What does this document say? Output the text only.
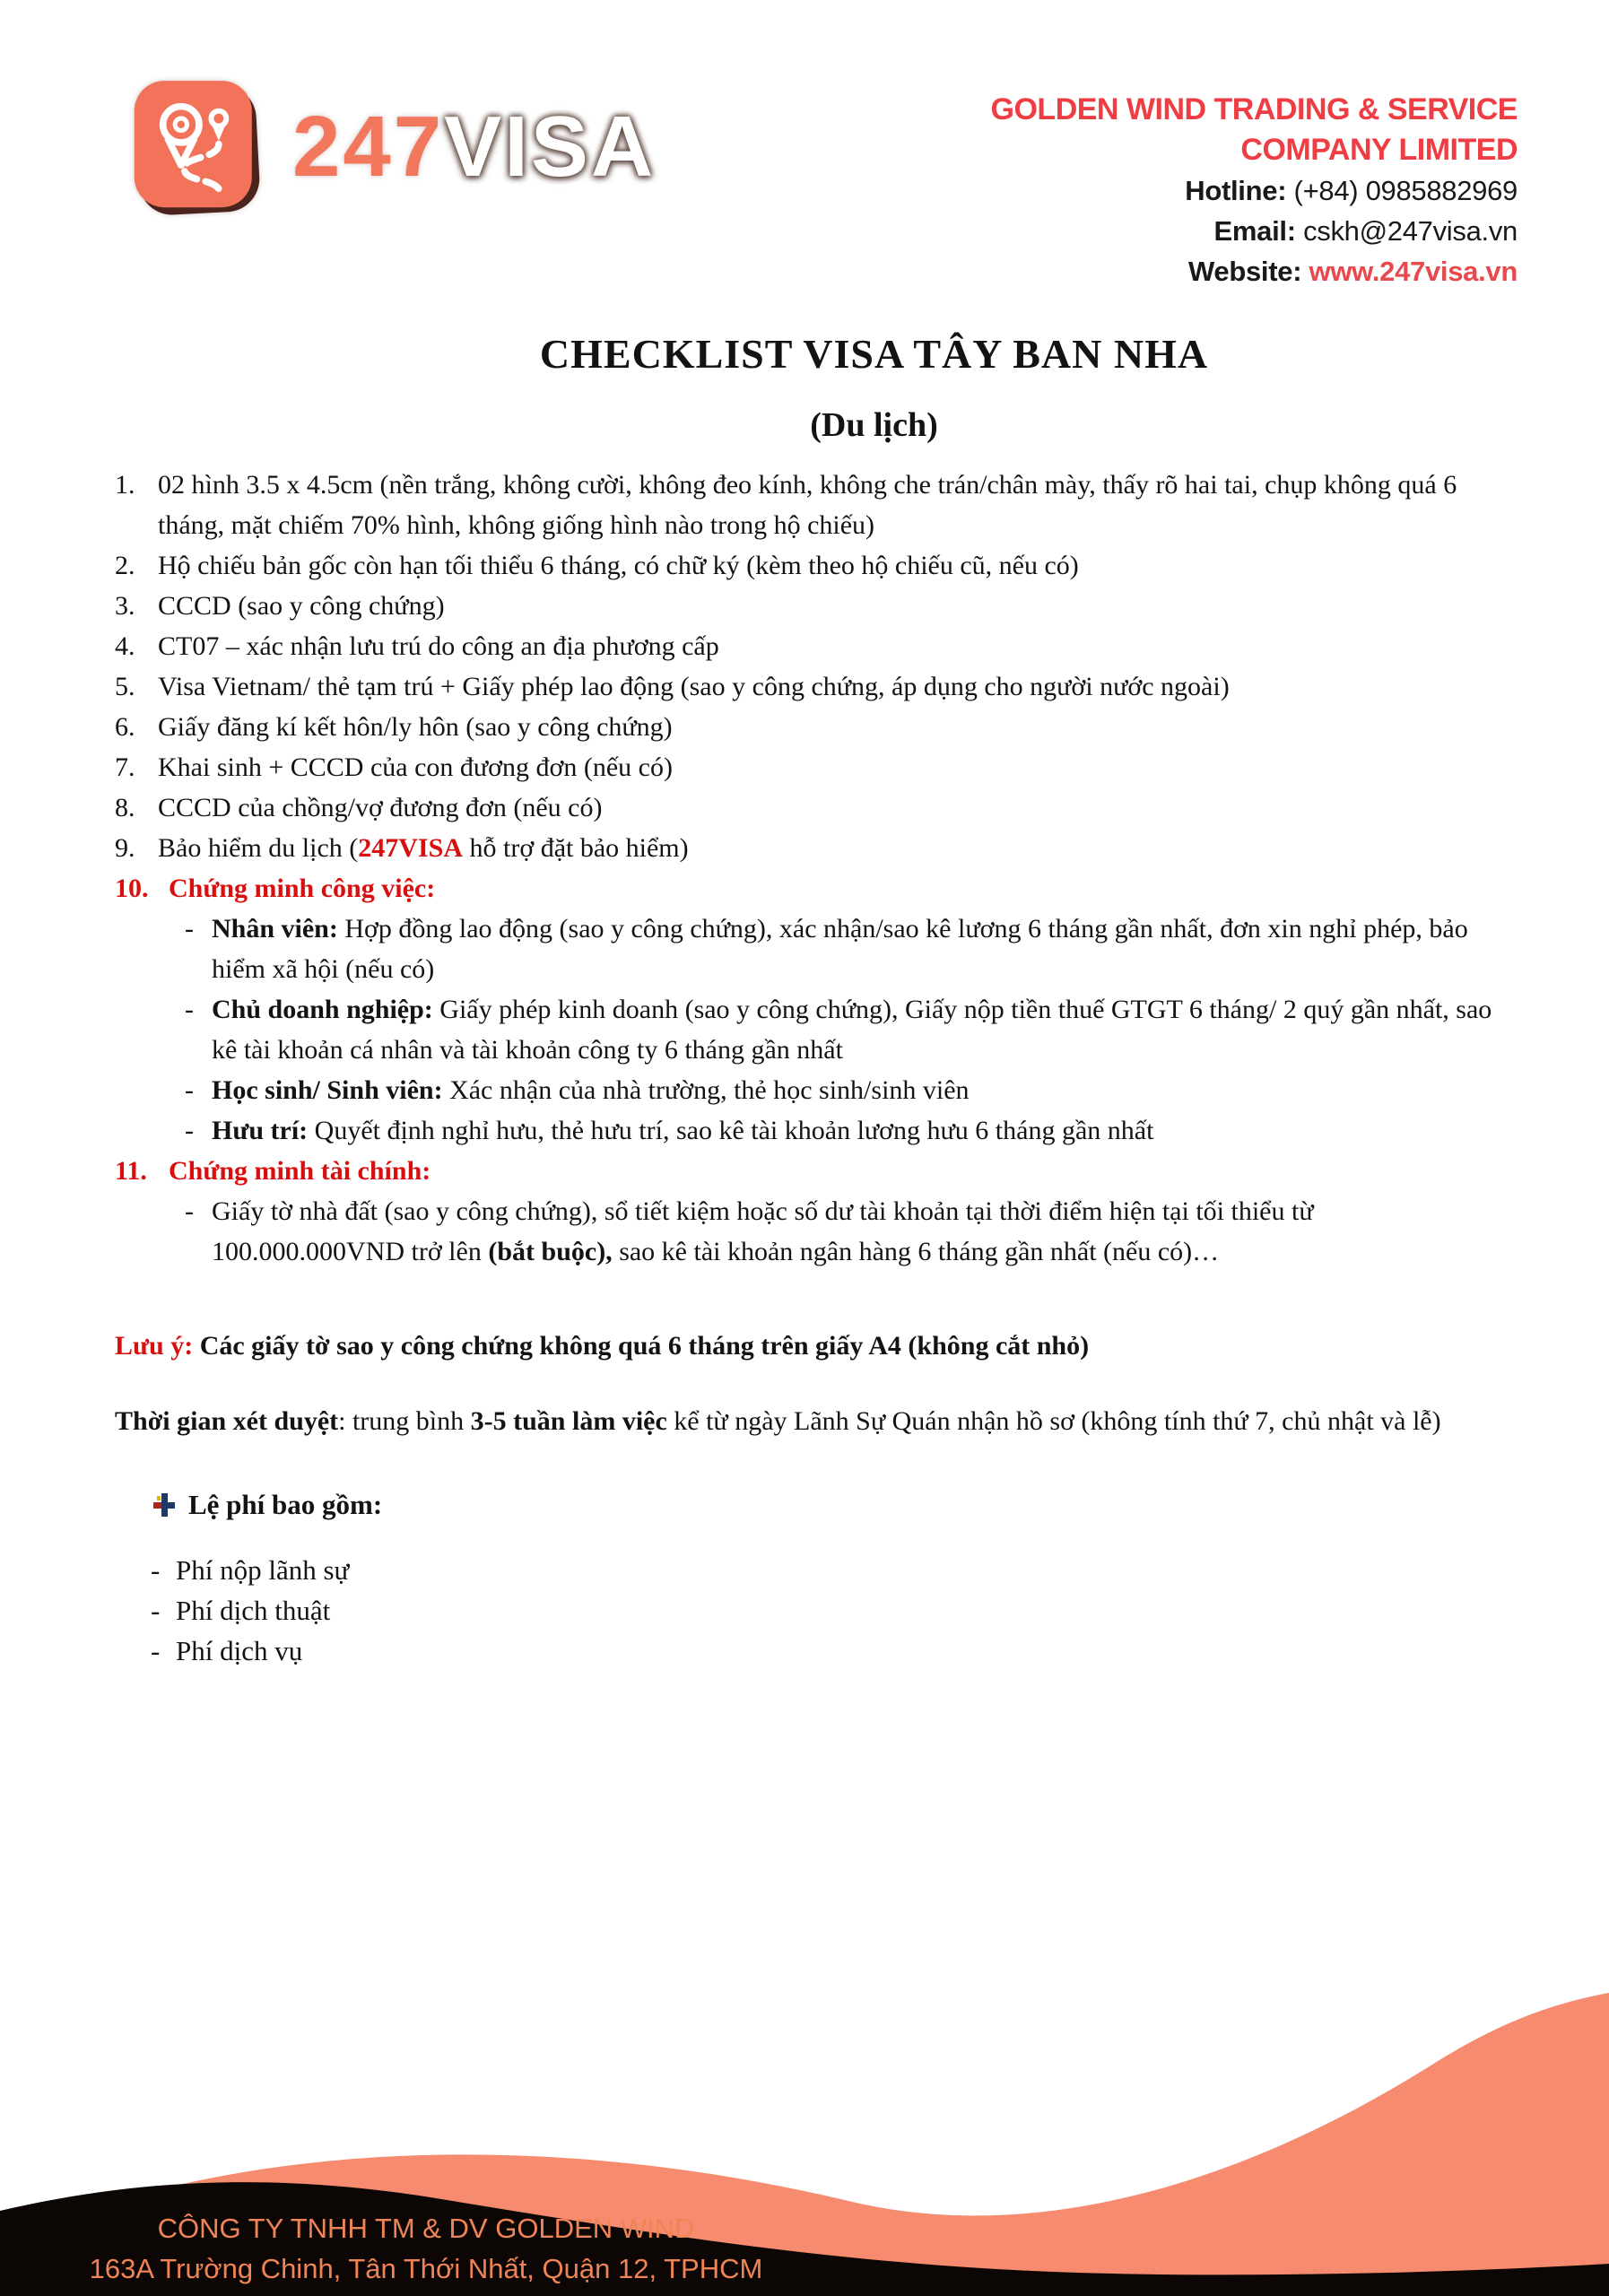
247VISA	GOLDEN WIND TRADING & SERVICE
COMPANY LIMITED
Hotline: (+84) 0985882969
Email: cskh@247visa.vn
Website: www.247visa.vn
CHECKLIST VISA TÂY BAN NHA
(Du lịch)
1. 02 hình 3.5 x 4.5cm (nền trắng, không cười, không đeo kính, không che trán/chân mày, thấy rõ hai tai, chụp không quá 6 tháng, mặt chiếm 70% hình, không giống hình nào trong hộ chiếu)
2. Hộ chiếu bản gốc còn hạn tối thiểu 6 tháng, có chữ ký (kèm theo hộ chiếu cũ, nếu có)
3. CCCD (sao y công chứng)
4. CT07 – xác nhận lưu trú do công an địa phương cấp
5. Visa Vietnam/ thẻ tạm trú + Giấy phép lao động (sao y công chứng, áp dụng cho người nước ngoài)
6. Giấy đăng kí kết hôn/ly hôn (sao y công chứng)
7. Khai sinh + CCCD của con đương đơn (nếu có)
8. CCCD của chồng/vợ đương đơn (nếu có)
9. Bảo hiểm du lịch (247VISA hỗ trợ đặt bảo hiểm)
10. Chứng minh công việc:
- Nhân viên: Hợp đồng lao động (sao y công chứng), xác nhận/sao kê lương 6 tháng gần nhất, đơn xin nghỉ phép, bảo hiểm xã hội (nếu có)
- Chủ doanh nghiệp: Giấy phép kinh doanh (sao y công chứng), Giấy nộp tiền thuế GTGT 6 tháng/ 2 quý gần nhất, sao kê tài khoản cá nhân và tài khoản công ty 6 tháng gần nhất
- Học sinh/ Sinh viên: Xác nhận của nhà trường, thẻ học sinh/sinh viên
- Hưu trí: Quyết định nghỉ hưu, thẻ hưu trí, sao kê tài khoản lương hưu 6 tháng gần nhất
11. Chứng minh tài chính:
- Giấy tờ nhà đất (sao y công chứng), sổ tiết kiệm hoặc số dư tài khoản tại thời điểm hiện tại tối thiểu từ 100.000.000VND trở lên (bắt buộc), sao kê tài khoản ngân hàng 6 tháng gần nhất (nếu có)…
Lưu ý: Các giấy tờ sao y công chứng không quá 6 tháng trên giấy A4 (không cắt nhỏ)
Thời gian xét duyệt: trung bình 3-5 tuần làm việc kể từ ngày Lãnh Sự Quán nhận hồ sơ (không tính thứ 7, chủ nhật và lễ)
Lệ phí bao gồm:
- Phí nộp lãnh sự
- Phí dịch thuật
- Phí dịch vụ
CÔNG TY TNHH TM & DV GOLDEN WIND
163A Trường Chinh, Tân Thới Nhất, Quận 12, TPHCM
